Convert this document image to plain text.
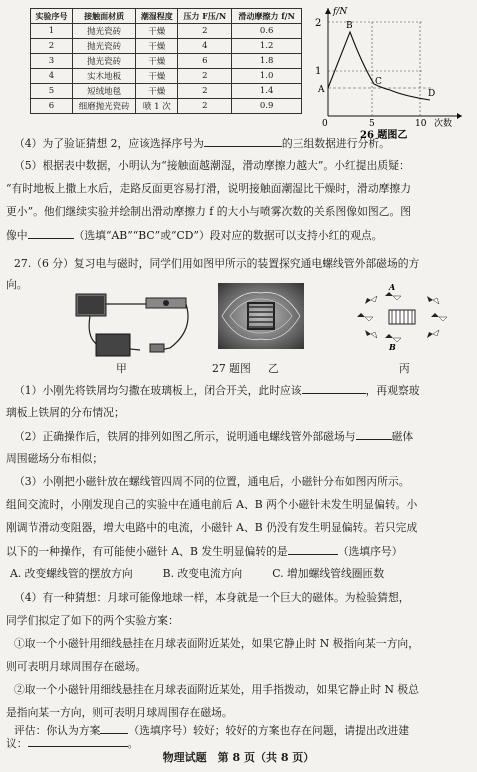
实验序号	接触面材质	潮湿程度	压力 F压/N	滑动摩擦力 f/N
1	抛光瓷砖	干燥	2	0.6
2	抛光瓷砖	干燥	4	1.2
3	抛光瓷砖	干燥	6	1.8
4	实木地板	干燥	2	1.0
5	短绒地毯	干燥	2	1.4
6	细磨抛光瓷砖	喷 1 次	2	0.9
f/N
2
1
A
B
C
D
0	5	10 次数
26 题图乙
（4）为了验证猜想 2，应该选择序号为	的三组数据进行分析。
（5）根据表中数据，小明认为“接触面越潮湿，滑动摩擦力越大”。小红提出质疑：
“有时地板上撒上水后，走路反面更容易打滑，说明接触面潮湿比干燥时，滑动摩擦力
更小”。他们继续实验并绘制出滑动摩擦力 f 的大小与喷雾次数的关系图像如图乙。图
像中	（选填“AB”“BC”或“CD”）段对应的数据可以支持小红的观点。
27.（6 分）复习电与磁时，同学们用如图甲所示的装置探究通电螺线管外部磁场的方
向。	A
B
甲	27 题图 乙	丙
（1）小刚先将铁屑均匀撒在玻璃板上，闭合开关，此时应该	，再观察玻
璃板上铁屑的分布情况；
（2）正确操作后，铁屑的排列如图乙所示，说明通电螺线管外部磁场与	磁体
周围磁场分布相似；
（3）小刚把小磁针放在螺线管四周不同的位置，通电后，小磁针分布如图丙所示。
组间交流时，小刚发现自己的实验中在通电前后 A、B 两个小磁针未发生明显偏转。小
刚调节滑动变阻器，增大电路中的电流，小磁针 A、B 仍没有发生明显偏转。若只完成
以下的一种操作，有可能使小磁针 A、B 发生明显偏转的是	（选填序号）
A. 改变螺线管的摆放方向	B. 改变电流方向	C. 增加螺线管线圈匝数
（4）有一种猜想：月球可能像地球一样，本身就是一个巨大的磁体。为检验猜想，
同学们拟定了如下的两个实验方案：
①取一个小磁针用细线悬挂在月球表面附近某处，如果它静止时 N 极指向某一方向，
则可表明月球周围存在磁场。
②取一个小磁针用细线悬挂在月球表面附近某处，用手指拨动，如果它静止时 N 极总
是指向某一方向，则可表明月球周围存在磁场。
评估：你认为方案	（选填序号）较好；较好的方案也存在问题，请提出改进建
议：	。
物理试题　第 8 页（共 8 页）
